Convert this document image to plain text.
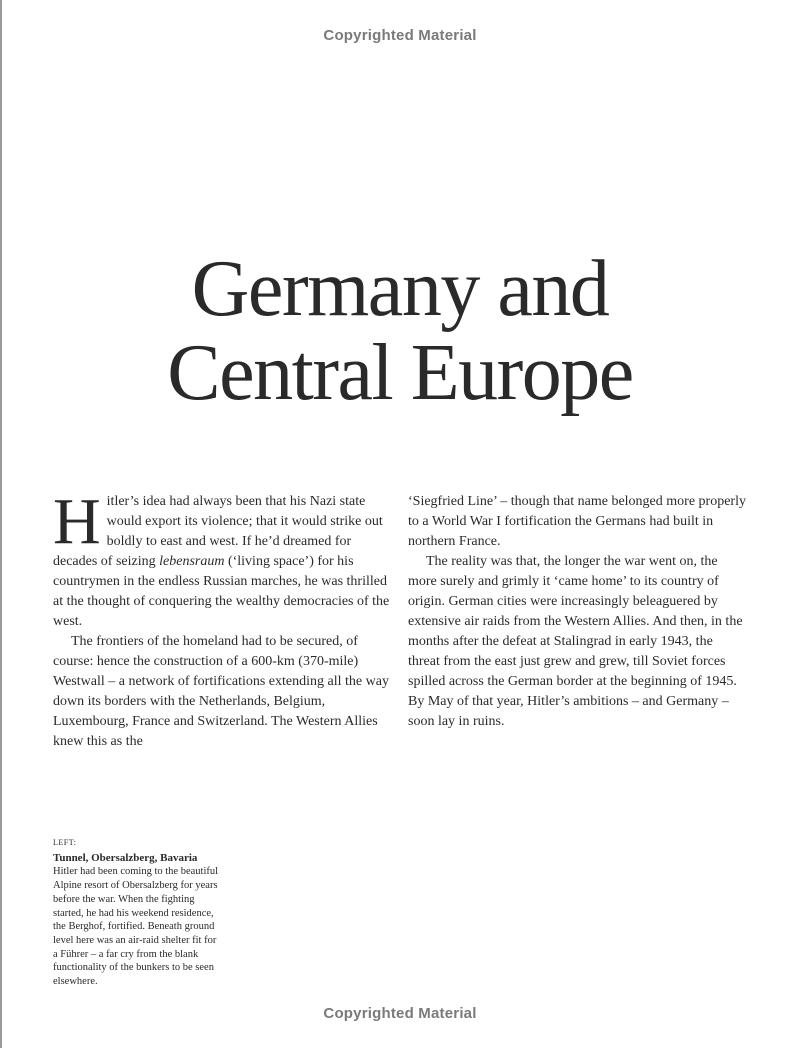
Copyrighted Material
Germany and
Central Europe

Hitler’s idea had always been that his Nazi state would export its violence; that it would strike out boldly to east and west. If he’d dreamed for decades of seizing lebensraum (‘living space’) for his countrymen in the endless Russian marches, he was thrilled at the thought of conquering the wealthy democracies of the west.

The frontiers of the homeland had to be secured, of course: hence the construction of a 600-km (370-mile) Westwall – a network of fortifications extending all the way down its borders with the Netherlands, Belgium, Luxembourg, France and Switzerland. The Western Allies knew this as the

‘Siegfried Line’ – though that name belonged more properly to a World War I fortification the Germans had built in northern France.

The reality was that, the longer the war went on, the more surely and grimly it ‘came home’ to its country of origin. German cities were increasingly beleaguered by extensive air raids from the Western Allies. And then, in the months after the defeat at Stalingrad in early 1943, the threat from the east just grew and grew, till Soviet forces spilled across the German border at the beginning of 1945. By May of that year, Hitler’s ambitions – and Germany – soon lay in ruins.

LEFT:
Tunnel, Obersalzberg, Bavaria
Hitler had been coming to the beautiful Alpine resort of Obersalzberg for years before the war. When the fighting started, he had his weekend residence, the Berghof, fortified. Beneath ground level here was an air-raid shelter fit for a Führer – a far cry from the blank functionality of the bunkers to be seen elsewhere.
Copyrighted Material
